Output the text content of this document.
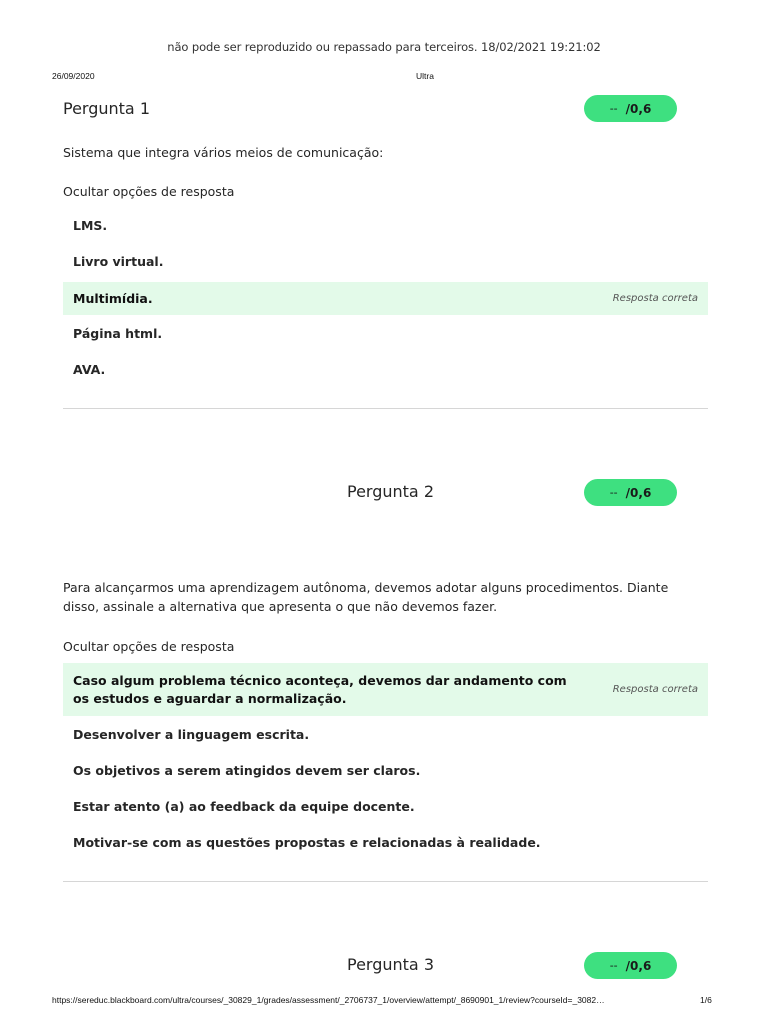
não pode ser reproduzido ou repassado para terceiros. 18/02/2021 19:21:02
26/09/2020	Ultra
Pergunta 1	-- /0,6
Sistema que integra vários meios de comunicação:
Ocultar opções de resposta
LMS.
Livro virtual.
Multimídia.	Resposta correta
Página html.
AVA.
Pergunta 2	-- /0,6
Para alcançarmos uma aprendizagem autônoma, devemos adotar alguns procedimentos. Diante disso, assinale a alternativa que apresenta o que não devemos fazer.
Ocultar opções de resposta
Caso algum problema técnico aconteça, devemos dar andamento com os estudos e aguardar a normalização.
Resposta correta
Desenvolver a linguagem escrita.
Os objetivos a serem atingidos devem ser claros.
Estar atento (a) ao feedback da equipe docente.
Motivar-se com as questões propostas e relacionadas à realidade.
Pergunta 3	-- /0,6
https://sereduc.blackboard.com/ultra/courses/_30829_1/grades/assessment/_2706737_1/overview/attempt/_8690901_1/review?courseId=_3082…	1/6
